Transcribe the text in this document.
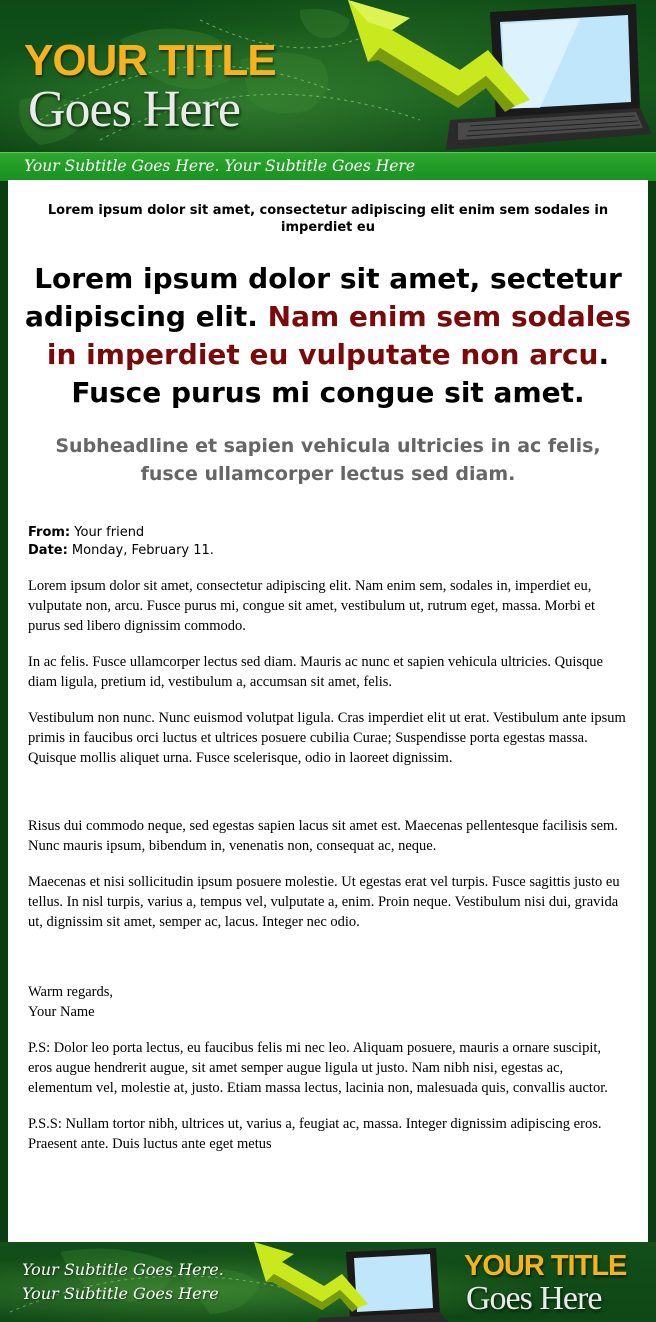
YOUR TITLE
Goes Here
Your Subtitle Goes Here. Your Subtitle Goes Here
Lorem ipsum dolor sit amet, consectetur adipiscing elit enim sem sodales in imperdiet eu
Lorem ipsum dolor sit amet, sectetur adipiscing elit. Nam enim sem sodales in imperdiet eu vulputate non arcu. Fusce purus mi congue sit amet.
Subheadline et sapien vehicula ultricies in ac felis, fusce ullamcorper lectus sed diam.
From: Your friend
Date: Monday, February 11.

Lorem ipsum dolor sit amet, consectetur adipiscing elit. Nam enim sem, sodales in, imperdiet eu, vulputate non, arcu. Fusce purus mi, congue sit amet, vestibulum ut, rutrum eget, massa. Morbi et purus sed libero dignissim commodo.

In ac felis. Fusce ullamcorper lectus sed diam. Mauris ac nunc et sapien vehicula ultricies. Quisque diam ligula, pretium id, vestibulum a, accumsan sit amet, felis.

Vestibulum non nunc. Nunc euismod volutpat ligula. Cras imperdiet elit ut erat. Vestibulum ante ipsum primis in faucibus orci luctus et ultrices posuere cubilia Curae; Suspendisse porta egestas massa. Quisque mollis aliquet urna. Fusce scelerisque, odio in laoreet dignissim.

Risus dui commodo neque, sed egestas sapien lacus sit amet est. Maecenas pellentesque facilisis sem. Nunc mauris ipsum, bibendum in, venenatis non, consequat ac, neque.

Maecenas et nisi sollicitudin ipsum posuere molestie. Ut egestas erat vel turpis. Fusce sagittis justo eu tellus. In nisl turpis, varius a, tempus vel, vulputate a, enim. Proin neque. Vestibulum nisi dui, gravida ut, dignissim sit amet, semper ac, lacus. Integer nec odio.

Warm regards,
Your Name

P.S: Dolor leo porta lectus, eu faucibus felis mi nec leo. Aliquam posuere, mauris a ornare suscipit, eros augue hendrerit augue, sit amet semper augue ligula ut justo. Nam nibh nisi, egestas ac, elementum vel, molestie at, justo. Etiam massa lectus, lacinia non, malesuada quis, convallis auctor.

P.S.S: Nullam tortor nibh, ultrices ut, varius a, feugiat ac, massa. Integer dignissim adipiscing eros. Praesent ante. Duis luctus ante eget metus

Your Subtitle Goes Here.
Your Subtitle Goes Here
YOUR TITLE
Goes Here
